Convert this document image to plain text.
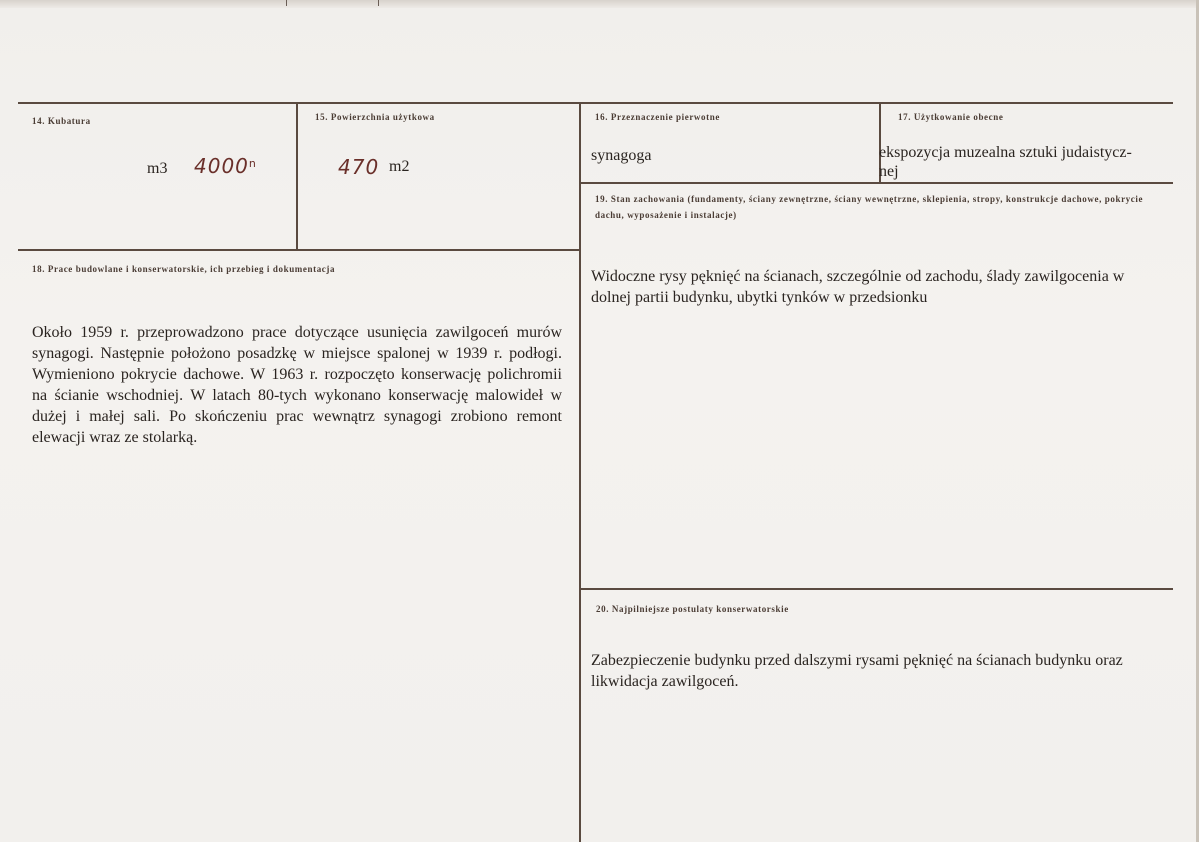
14. Kubatura
m3 4000$^n$
15. Powierzchnia użytkowa
470 m2
16. Przeznaczenie pierwotne
synagoga
17. Użytkowanie obecne
ekspozycja muzealna sztuki judaistycz-nej
18. Prace budowlane i konserwatorskie, ich przebieg i dokumentacja
Około 1959 r. przeprowadzono prace dotyczące usunięcia zawilgoceń murów synagogi. Następnie położono posadzkę w miejsce spalonej w 1939 r. podłogi. Wymieniono pokrycie dachowe. W 1963 r. rozpoczęto konserwację polichromii na ścianie wschodniej. W latach 80-tych wykonano konserwację malowideł w dużej i małej sali. Po skończeniu prac wewnątrz synagogi zrobiono remont elewacji wraz ze stolarką.
19. Stan zachowania (fundamenty, ściany zewnętrzne, ściany wewnętrzne, sklepienia, stropy, konstrukcje dachowe, pokrycie dachu, wyposażenie i instalacje)
Widoczne rysy pęknięć na ścianach, szczególnie od zachodu, ślady zawilgocenia w dolnej partii budynku, ubytki tynków w przedsionku
20. Najpilniejsze postulaty konserwatorskie
Zabezpieczenie budynku przed dalszymi rysami pęknięć na ścianach budynku oraz likwidacja zawilgoceń.
